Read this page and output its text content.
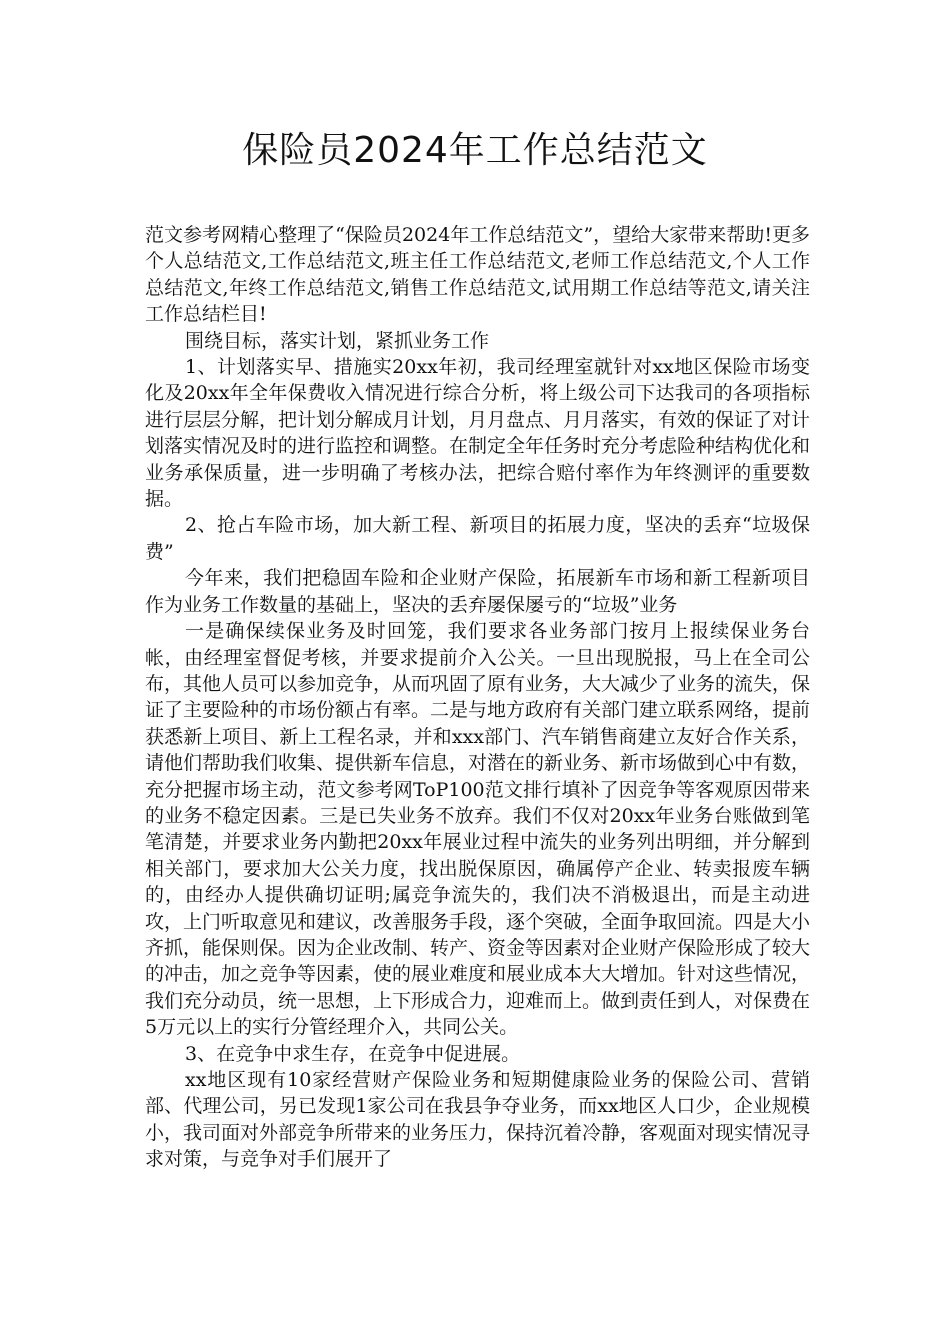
保险员2024年工作总结范文

范文参考网精心整理了“保险员2024年工作总结范文”，望给大家带来帮助!更多个人总结范文,工作总结范文,班主任工作总结范文,老师工作总结范文,个人工作总结范文,年终工作总结范文,销售工作总结范文,试用期工作总结等范文,请关注工作总结栏目!

围绕目标，落实计划，紧抓业务工作

1、计划落实早、措施实20xx年初，我司经理室就针对xx地区保险市场变化及20xx年全年保费收入情况进行综合分析，将上级公司下达我司的各项指标进行层层分解，把计划分解成月计划，月月盘点、月月落实，有效的保证了对计划落实情况及时的进行监控和调整。在制定全年任务时充分考虑险种结构优化和业务承保质量，进一步明确了考核办法，把综合赔付率作为年终测评的重要数据。

2、抢占车险市场，加大新工程、新项目的拓展力度，坚决的丢弃“垃圾保费”

今年来，我们把稳固车险和企业财产保险，拓展新车市场和新工程新项目作为业务工作数量的基础上，坚决的丢弃屡保屡亏的“垃圾”业务

一是确保续保业务及时回笼，我们要求各业务部门按月上报续保业务台帐，由经理室督促考核，并要求提前介入公关。一旦出现脱报，马上在全司公布，其他人员可以参加竞争，从而巩固了原有业务，大大减少了业务的流失，保证了主要险种的市场份额占有率。二是与地方政府有关部门建立联系网络，提前获悉新上项目、新上工程名录，并和xxx部门、汽车销售商建立友好合作关系，请他们帮助我们收集、提供新车信息，对潜在的新业务、新市场做到心中有数，充分把握市场主动，范文参考网ToP100范文排行填补了因竞争等客观原因带来的业务不稳定因素。三是已失业务不放弃。我们不仅对20xx年业务台账做到笔笔清楚，并要求业务内勤把20xx年展业过程中流失的业务列出明细，并分解到相关部门，要求加大公关力度，找出脱保原因，确属停产企业、转卖报废车辆的，由经办人提供确切证明;属竞争流失的，我们决不消极退出，而是主动进攻，上门听取意见和建议，改善服务手段，逐个突破，全面争取回流。四是大小齐抓，能保则保。因为企业改制、转产、资金等因素对企业财产保险形成了较大的冲击，加之竞争等因素，使的展业难度和展业成本大大增加。针对这些情况，我们充分动员，统一思想，上下形成合力，迎难而上。做到责任到人，对保费在5万元以上的实行分管经理介入，共同公关。

3、在竞争中求生存，在竞争中促进展。

xx地区现有10家经营财产保险业务和短期健康险业务的保险公司、营销部、代理公司，另已发现1家公司在我县争夺业务，而xx地区人口少，企业规模小，我司面对外部竞争所带来的业务压力，保持沉着冷静，客观面对现实情况寻求对策，与竞争对手们展开了
